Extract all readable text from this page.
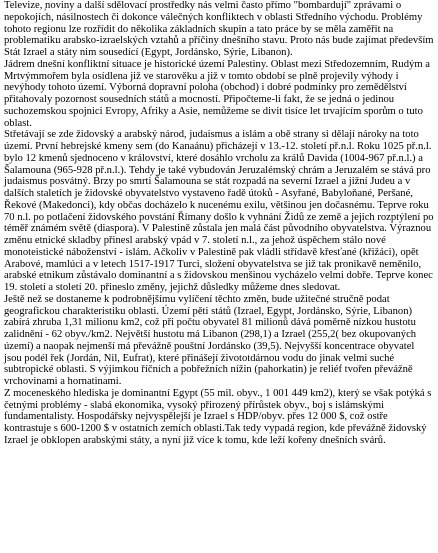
Televize, ̦noviny a další sdělovací prostředky nás velmi často přímo "bombardují" zprávami o nepokojích, násilnostech či dokonce válečných konfliktech v oblasti Středního východu. Problémy tohoto regionu lze rozřídit do několika základních skupin a tato práce by se měla zaměřit na problematiku arabsko-izraelských vztahů a příčiny dnešního stavu. Proto nás bude zajímat především Stát Izrael a státy nim sousedící (Egypt, Jordánsko, Sýrie, Libanon).

Jádrem dnešní konfliktní situace je historické území Palestiny. Oblast mezi Středozemním, Rudým a Mrtvýmmořem byla osídlena již ve starověku a již v tomto období se plně projevily výhody i nevýhody tohoto území. Výborná dopravní poloha (obchod) i dobré podmínky pro zemědělství přitahovaly pozornost sousedních států a mocností. Připočteme-li fakt, že se jedná o jedinou suchozemskou spojnici Evropy, Afriky a Asie, nemůžeme se divit tisíce let trvajícím sporům o tuto oblast.

Střetávají se zde židovský a arabský národ, judaismus a islám a obě strany si dělají nároky na toto území. První hebrejské kmeny sem (do Kanaánu) přicházejí v 13.-12. století př.n.l. Roku 1025 př.n.l. bylo 12 kmenů sjednoceno v království, které dosáhlo vrcholu za králů Davida (1004-967 př.n.l.) a Šalamouna (965-928 př.n.l.). Tehdy je také vybudován Jeruzalémský chrám a Jeruzalém se stává pro judaismus posvátný. Brzy po smrti Šalamouna se stát rozpadá na severní Izrael a jižní Judeu a v dalších staletích je židovské obyvatelstvo vystaveno řadě útoků - Asyřané, Babyloňané, Peršané, Řekové (Makedonci), kdy občas docházelo k nucenému exilu, většinou jen dočasnému. Teprve roku 70 n.l. po potlačení židovského povstání Římany došlo k vyhnání Židů ze země a jejich rozptýlení po téměř známém světě (diaspora). V Palestině zůstala jen malá část původního obyvatelstva. Výraznou změnu etnické skladby přinesl arabský vpád v 7. století n.l., za jehož úspěchem stálo nové monoteistické náboženství - islám. Ačkoliv v Palestině pak vládli střídavě křesťané (křižáci), opět Arabové, mamlúci a v letech 1517-1917 Turci, složení obyvatelstva se již tak pronikavě neměnilo, arabské etnikum zůstávalo dominantní a s židovskou menšinou vycházelo velmi dobře. Teprve konec 19. století a století 20. přineslo změny, jejichž důsledky můžeme dnes sledovat.

Ještě než se dostaneme k podrobnějšímu vylíčení těchto změn, bude užitečné stručně podat geografickou charakteristiku oblasti. Území pěti států (Izrael, Egypt, Jordánsko, Sýrie, Libanon) zabírá zhruba 1,31 milionu km2, což při počtu obyvatel 81 milionů dává poměrně nízkou hustotu zalidnění - 62 obyv./km2. Největší hustotu má Libanon (298,1) a Izrael (255,2( bez okupovaných území) a naopak nejmenší má převážně pouštní Jordánsko (39,5). Nejvyšší koncentrace obyvatel jsou podél řek (Jordán, Nil, Eufrat), které přinášejí živototdárnou vodu do jinak velmi suché subtropické oblasti. S výjimkou říčních a pobřežních nížin (pahorkatin) je reliéf tvořen převážně vrchovinami a hornatinami.

Z moceneského hlediska je dominantní Egypt (55 mil. obyv., 1 001 449 km2), který se však potýká s četnými problémy - slabá ekonomika, vysoký přirozený přírůstek obyv., boj s islámskými fundamentalisty. Hospodářsky nejvyspělejší je Izrael s HDP/obyv. přes 12 000 $, což ostře kontrastuje s 600-1200 $ v ostatních zemích oblasti.Tak tedy vypadá region, kde převážně židovský Izrael je obklopen arabskými státy, a nyní již více k tomu, kde leží kořeny dnešních svárů.
